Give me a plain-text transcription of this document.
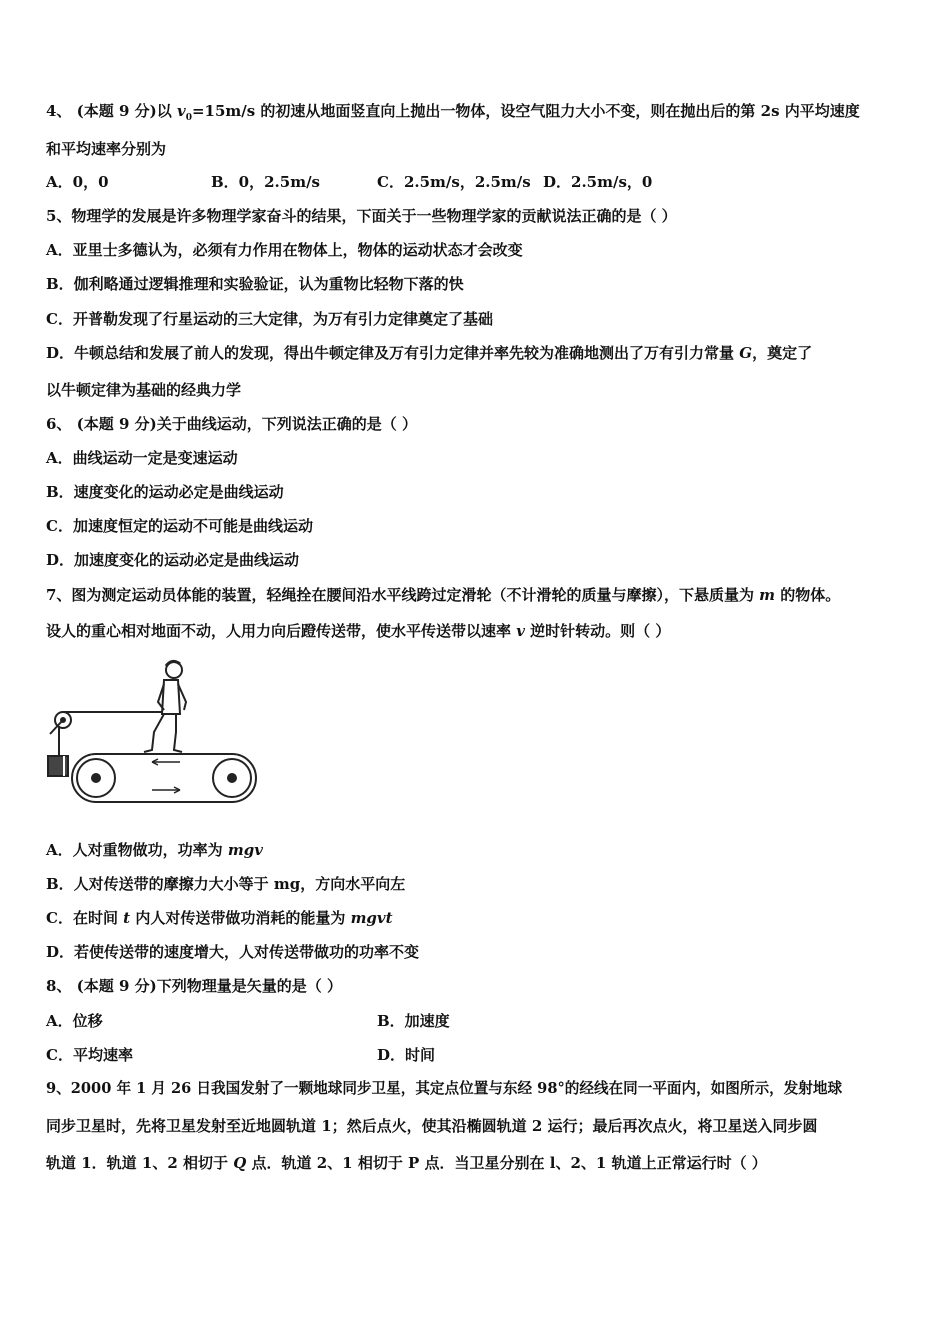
4、 (本题 9 分)以 $v_0=15m/s$ 的初速从地面竖直向上抛出一物体，设空气阻力大小不变，则在抛出后的第 2s 内平均速度
和平均速率分别为
A．0，0	B．0，2.5m/s	C．2.5m/s，2.5m/s D．2.5m/s，0
5、物理学的发展是许多物理学家奋斗的结果，下面关于一些物理学家的贡献说法正确的是（ ）
A．亚里士多德认为，必须有力作用在物体上，物体的运动状态才会改变
B．伽利略通过逻辑推理和实验验证，认为重物比轻物下落的快
C．开普勒发现了行星运动的三大定律，为万有引力定律奠定了基础
D．牛顿总结和发展了前人的发现，得出牛顿定律及万有引力定律并率先较为准确地测出了万有引力常量 G，奠定了
以牛顿定律为基础的经典力学
6、 (本题 9 分)关于曲线运动，下列说法正确的是（ ）
A．曲线运动一定是变速运动
B．速度变化的运动必定是曲线运动
C．加速度恒定的运动不可能是曲线运动
D．加速度变化的运动必定是曲线运动
7、图为测定运动员体能的装置，轻绳拴在腰间沿水平线跨过定滑轮（不计滑轮的质量与摩擦），下悬质量为 m 的物体。
设人的重心相对地面不动，人用力向后蹬传送带，使水平传送带以速率 v 逆时针转动。则（ ）
A．人对重物做功，功率为 mgv
B．人对传送带的摩擦力大小等于 mg，方向水平向左
C．在时间 t 内人对传送带做功消耗的能量为 mgvt
D．若使传送带的速度增大，人对传送带做功的功率不变
8、 (本题 9 分)下列物理量是矢量的是（ ）
A．位移	B．加速度
C．平均速率	D．时间
9、2000 年 1 月 26 日我国发射了一颗地球同步卫星，其定点位置与东经 98°的经线在同一平面内，如图所示，发射地球
同步卫星时，先将卫星发射至近地圆轨道 1；然后点火，使其沿椭圆轨道 2 运行；最后再次点火，将卫星送入同步圆
轨道 1．轨道 1、2 相切于 Q 点．轨道 2、1 相切于 P 点．当卫星分别在 l、2、1 轨道上正常运行时（ ）
